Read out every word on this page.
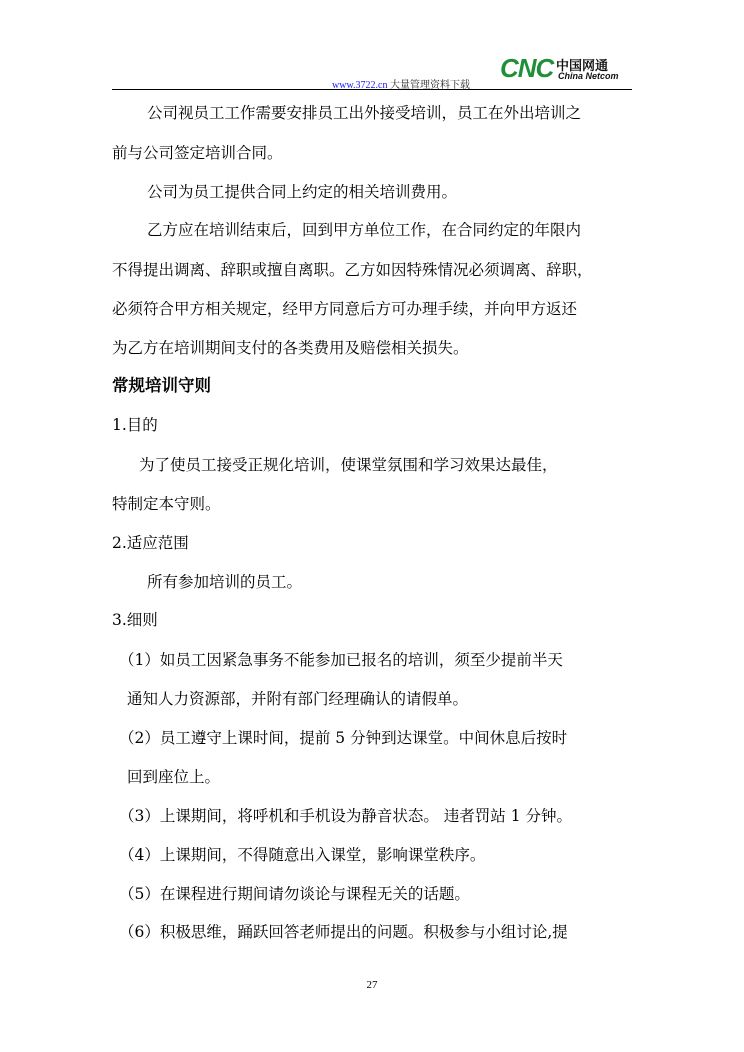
www.3722.cn 大量管理资料下载
CNC 中国网通
China Netcom
公司视员工工作需要安排员工出外接受培训，员工在外出培训之
前与公司签定培训合同。
公司为员工提供合同上约定的相关培训费用。
乙方应在培训结束后，回到甲方单位工作，在合同约定的年限内
不得提出调离、辞职或擅自离职。乙方如因特殊情况必须调离、辞职，
必须符合甲方相关规定，经甲方同意后方可办理手续，并向甲方返还
为乙方在培训期间支付的各类费用及赔偿相关损失。
常规培训守则
1.目的
为了使员工接受正规化培训，使课堂氛围和学习效果达最佳，
特制定本守则。
2.适应范围
所有参加培训的员工。
3.细则
（1）如员工因紧急事务不能参加已报名的培训，须至少提前半天
通知人力资源部，并附有部门经理确认的请假单。
（2）员工遵守上课时间，提前 5 分钟到达课堂。中间休息后按时
回到座位上。
（3）上课期间，将呼机和手机设为静音状态。 违者罚站 1 分钟。
（4）上课期间，不得随意出入课堂，影响课堂秩序。
（5）在课程进行期间请勿谈论与课程无关的话题。
（6）积极思维，踊跃回答老师提出的问题。积极参与小组讨论,提
27
